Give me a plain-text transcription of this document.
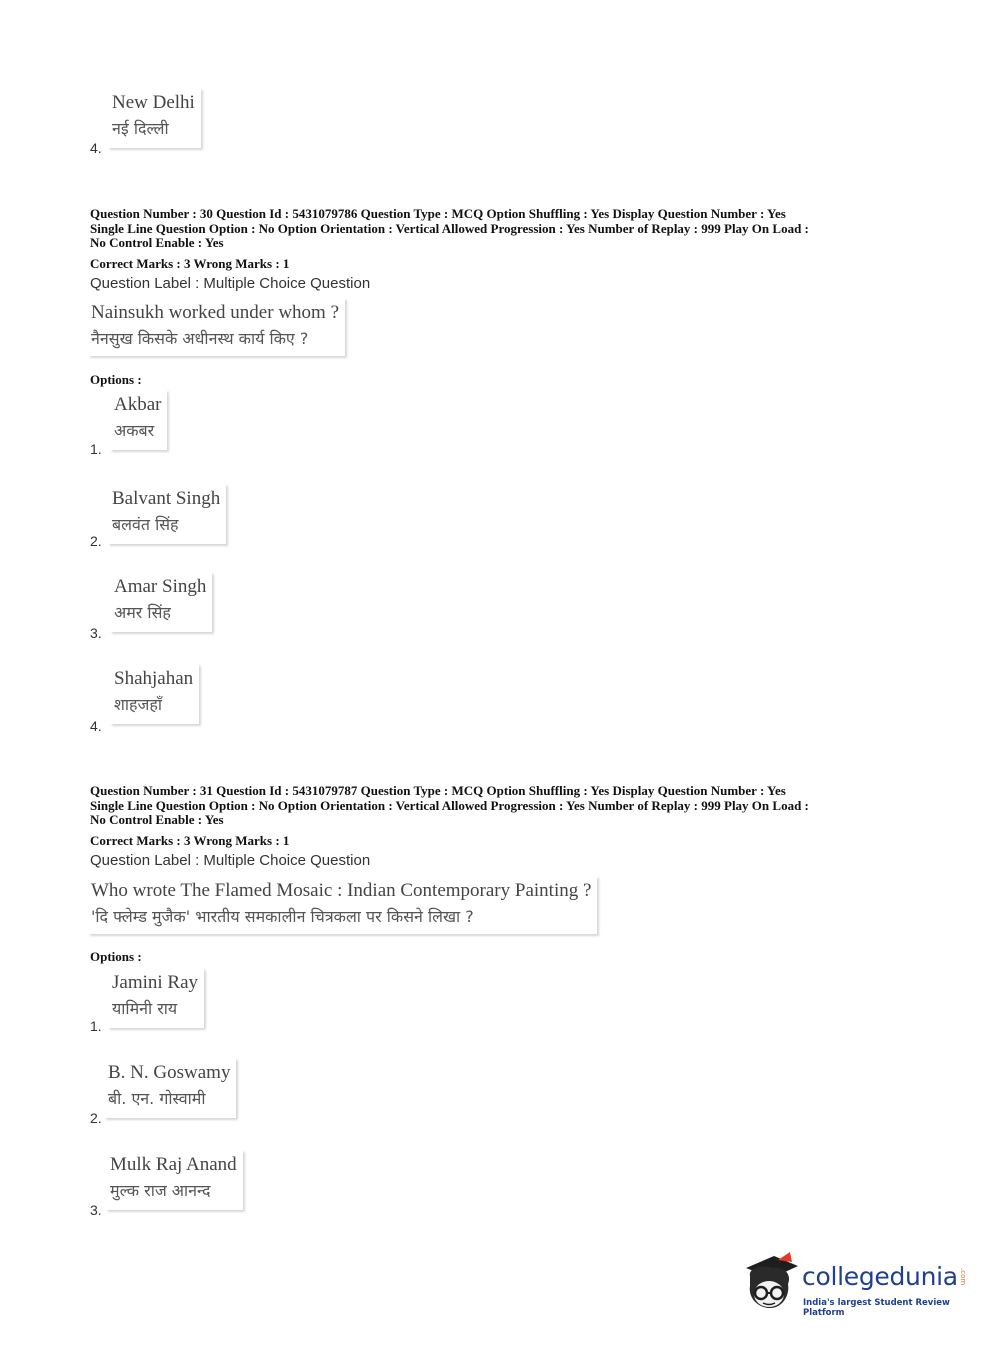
New Delhi
नई दिल्ली
4.
Question Number : 30 Question Id : 5431079786 Question Type : MCQ Option Shuffling : Yes Display Question Number : Yes
Single Line Question Option : No Option Orientation : Vertical Allowed Progression : Yes Number of Replay : 999 Play On Load :
No Control Enable : Yes
Correct Marks : 3 Wrong Marks : 1
Question Label : Multiple Choice Question
Nainsukh worked under whom ?
नैनसुख किसके अधीनस्थ कार्य किए ?
Options :
Akbar
अकबर
1.
Balvant Singh
बलवंत सिंह
2.
Amar Singh
अमर सिंह
3.
Shahjahan
शाहजहाँ
4.
Question Number : 31 Question Id : 5431079787 Question Type : MCQ Option Shuffling : Yes Display Question Number : Yes
Single Line Question Option : No Option Orientation : Vertical Allowed Progression : Yes Number of Replay : 999 Play On Load :
No Control Enable : Yes
Correct Marks : 3 Wrong Marks : 1
Question Label : Multiple Choice Question
Who wrote The Flamed Mosaic : Indian Contemporary Painting ?
'दि फ्लेम्ड मुजैक' भारतीय समकालीन चित्रकला पर किसने लिखा ?
Options :
Jamini Ray
यामिनी राय
1.
B. N. Goswamy
बी. एन. गोस्वामी
2.
Mulk Raj Anand
मुल्क राज आनन्द
3.
collegedunia .com
India's largest Student Review Platform
